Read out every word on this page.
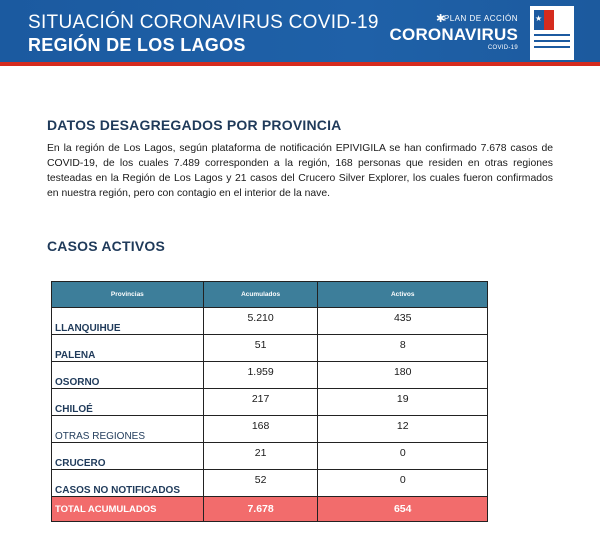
SITUACIÓN CORONAVIRUS COVID-19
REGIÓN DE LOS LAGOS
✱
PLAN DE ACCIÓN
CORONAVIRUS
COVID-19
★
DATOS DESAGREGADOS POR PROVINCIA

En la región de Los Lagos, según plataforma de notificación EPIVIGILA se han confirmado 7.678 casos de COVID-19, de los cuales 7.489 corresponden a la región, 168 personas que residen en otras regiones testeadas en la Región de Los Lagos y 21 casos del Crucero Silver Explorer, los cuales fueron confirmados en nuestra región, pero con contagio en el interior de la nave.

CASOS ACTIVOS
Provincias	Acumulados	Activos
LLANQUIHUE	5.210	435
PALENA	51	8
OSORNO	1.959	180
CHILOÉ	217	19
OTRAS REGIONES	168	12
CRUCERO	21	0
CASOS NO NOTIFICADOS	52	0
TOTAL ACUMULADOS	7.678	654
